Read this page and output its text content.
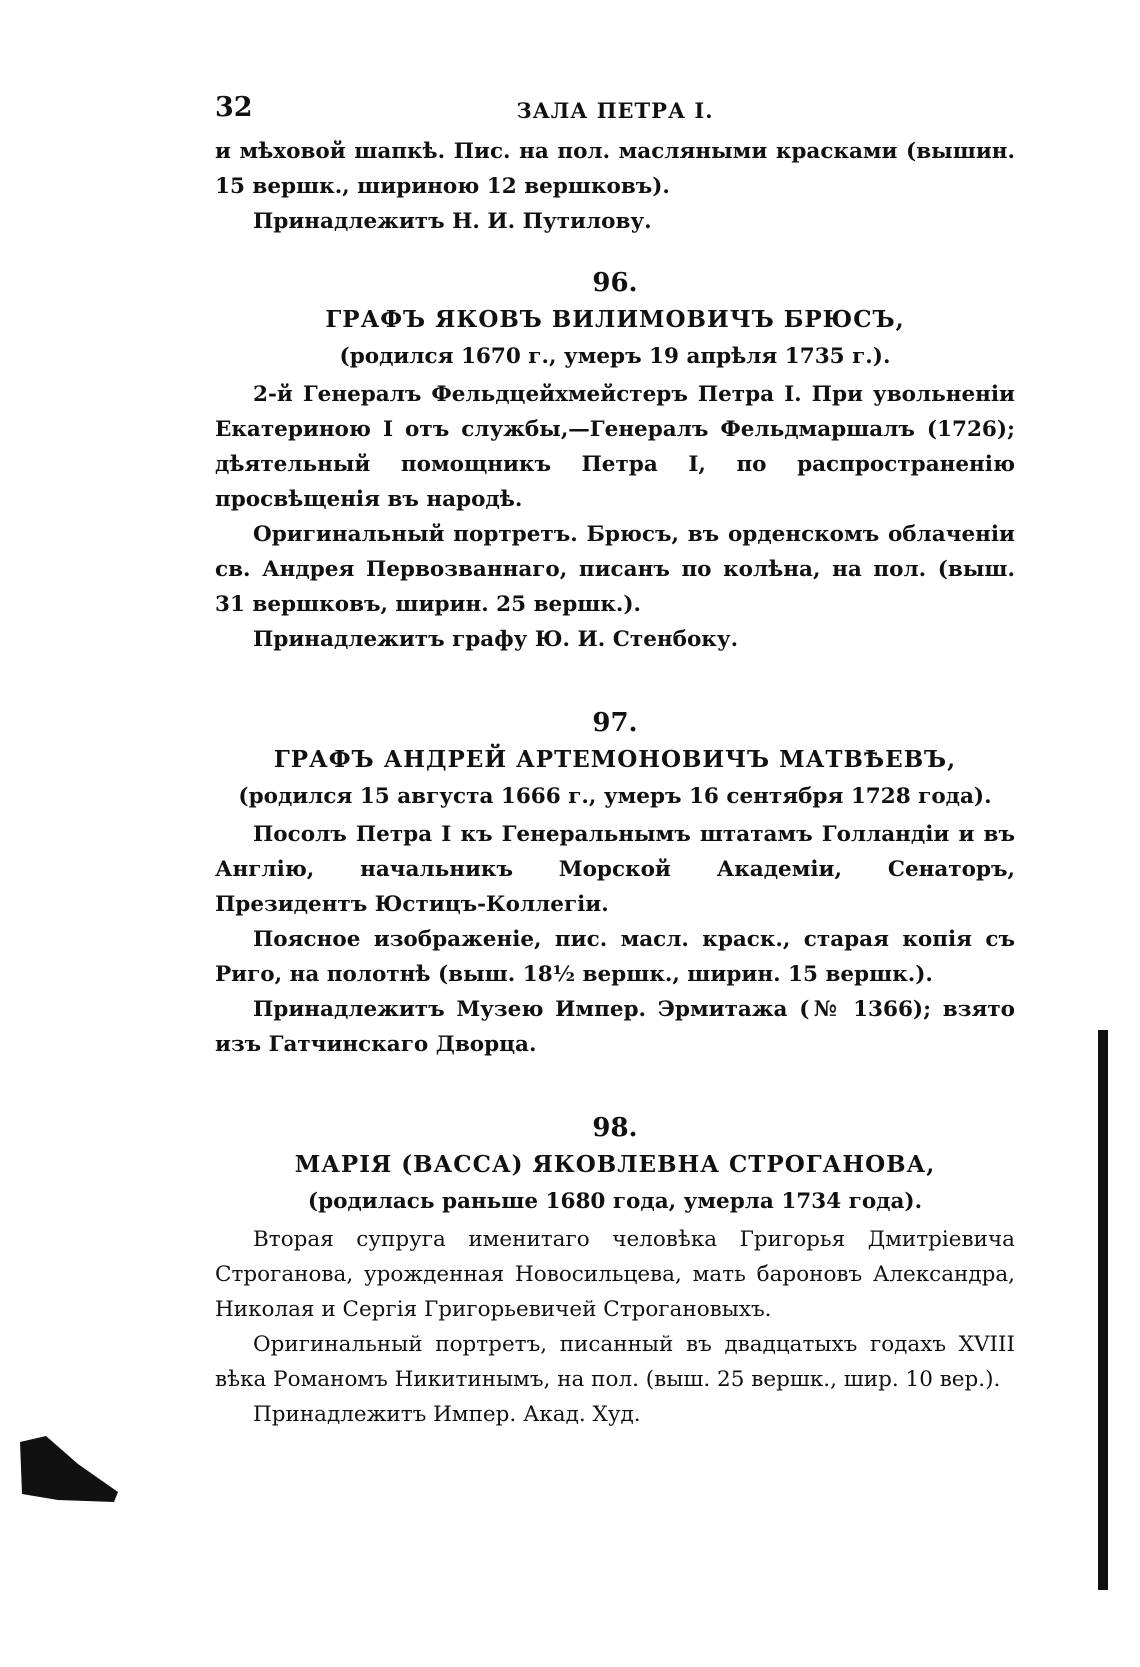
32	ЗАЛА ПЕТРА I.

и мѣховой шапкѣ. Пис. на пол. масляными красками (вышин. 15 вершк., шириною 12 вершковъ).

Принадлежитъ Н. И. Путилову.

96.
ГРАФЪ ЯКОВЪ ВИЛИМОВИЧЪ БРЮСЪ,
(родился 1670 г., умеръ 19 апрѣля 1735 г.).

2-й Генералъ Фельдцейхмейстеръ Петра I. При увольненіи Екатериною I отъ службы,—Генералъ Фельдмаршалъ (1726); дѣятельный помощникъ Петра I, по распространенію просвѣщенія въ народѣ.

Оригинальный портретъ. Брюсъ, въ орденскомъ облаченіи св. Андрея Первозваннаго, писанъ по колѣна, на пол. (выш. 31 вершковъ, ширин. 25 вершк.).

Принадлежитъ графу Ю. И. Стенбоку.

97.
ГРАФЪ АНДРЕЙ АРТЕМОНОВИЧЪ МАТВѢЕВЪ,
(родился 15 августа 1666 г., умеръ 16 сентября 1728 года).

Посолъ Петра I къ Генеральнымъ штатамъ Голландіи и въ Англію, начальникъ Морской Академіи, Сенаторъ, Президентъ Юстицъ-Коллегіи.

Поясное изображеніе, пис. масл. краск., старая копія съ Риго, на полотнѣ (выш. 18½ вершк., ширин. 15 вершк.).

Принадлежитъ Музею Импер. Эрмитажа (№ 1366); взято изъ Гатчинскаго Дворца.

98.
МАРІЯ (ВАССА) ЯКОВЛЕВНА СТРОГАНОВА,
(родилась раньше 1680 года, умерла 1734 года).

Вторая супруга именитаго человѣка Григорья Дмитріевича Строганова, урожденная Новосильцева, мать бароновъ Александра, Николая и Сергія Григорьевичей Строгановыхъ.

Оригинальный портретъ, писанный въ двадцатыхъ годахъ XVIII вѣка Романомъ Никитинымъ, на пол. (выш. 25 вершк., шир. 10 вер.).

Принадлежитъ Импер. Акад. Худ.
